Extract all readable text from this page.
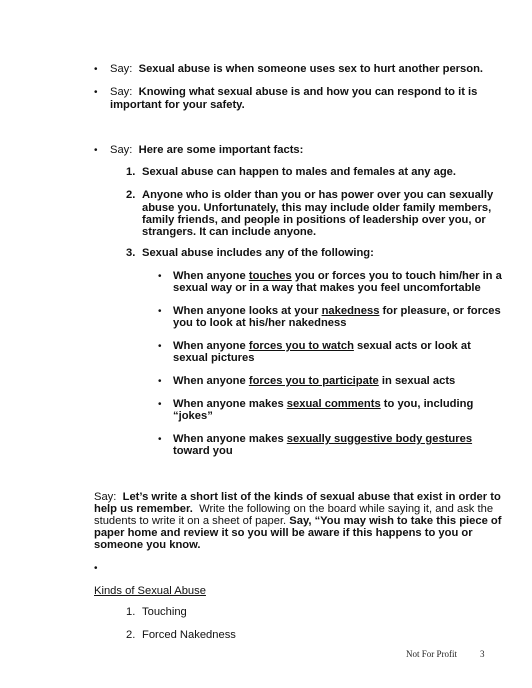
• Say: Sexual abuse is when someone uses sex to hurt another person.
• Say: Knowing what sexual abuse is and how you can respond to it is
important for your safety.
• Say: Here are some important facts:
1. Sexual abuse can happen to males and females at any age.
2. Anyone who is older than you or has power over you can sexually
abuse you. Unfortunately, this may include older family members,
family friends, and people in positions of leadership over you, or
strangers. It can include anyone.
3. Sexual abuse includes any of the following:
• When anyone touches you or forces you to touch him/her in a
sexual way or in a way that makes you feel uncomfortable
• When anyone looks at your nakedness for pleasure, or forces
you to look at his/her nakedness
• When anyone forces you to watch sexual acts or look at
sexual pictures
• When anyone forces you to participate in sexual acts
• When anyone makes sexual comments to you, including
“jokes”
• When anyone makes sexually suggestive body gestures
toward you
Say: Let’s write a short list of the kinds of sexual abuse that exist in order to
help us remember. Write the following on the board while saying it, and ask the
students to write it on a sheet of paper. Say, “You may wish to take this piece of
paper home and review it so you will be aware if this happens to you or
someone you know.
•
Kinds of Sexual Abuse
1. Touching
2. Forced Nakedness
Not For Profit	3
